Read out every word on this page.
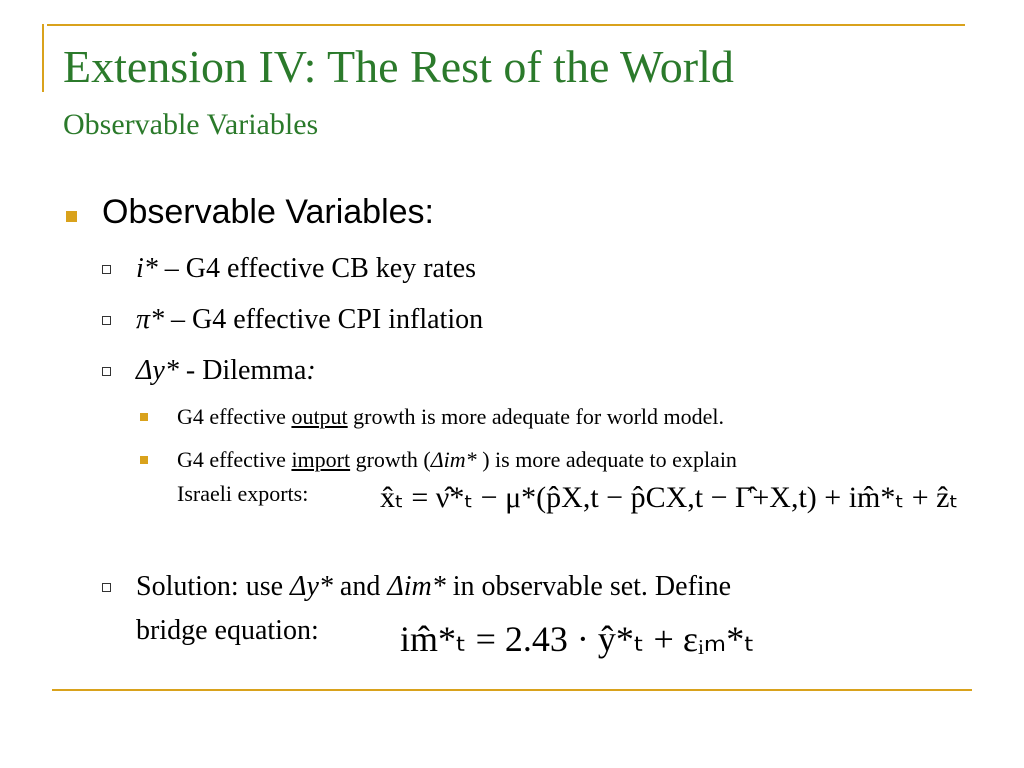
Extension IV: The Rest of the World
Observable Variables
Observable Variables:
i* – G4 effective CB key rates
π* – G4 effective CPI inflation
Δy* - Dilemma:
G4 effective output growth is more adequate for world model.
G4 effective import growth (Δim* ) is more adequate to explain
Israeli exports: x̂ₜ = ν̂*ₜ − μ*(p̂X,t − p̂CX,t − Γ̂+X,t) + im̂*ₜ + ẑₜ
Solution: use Δy* and Δim* in observable set. Define
bridge equation: im̂*ₜ = 2.43 · ŷ*ₜ + εᵢₘ*ₜ
